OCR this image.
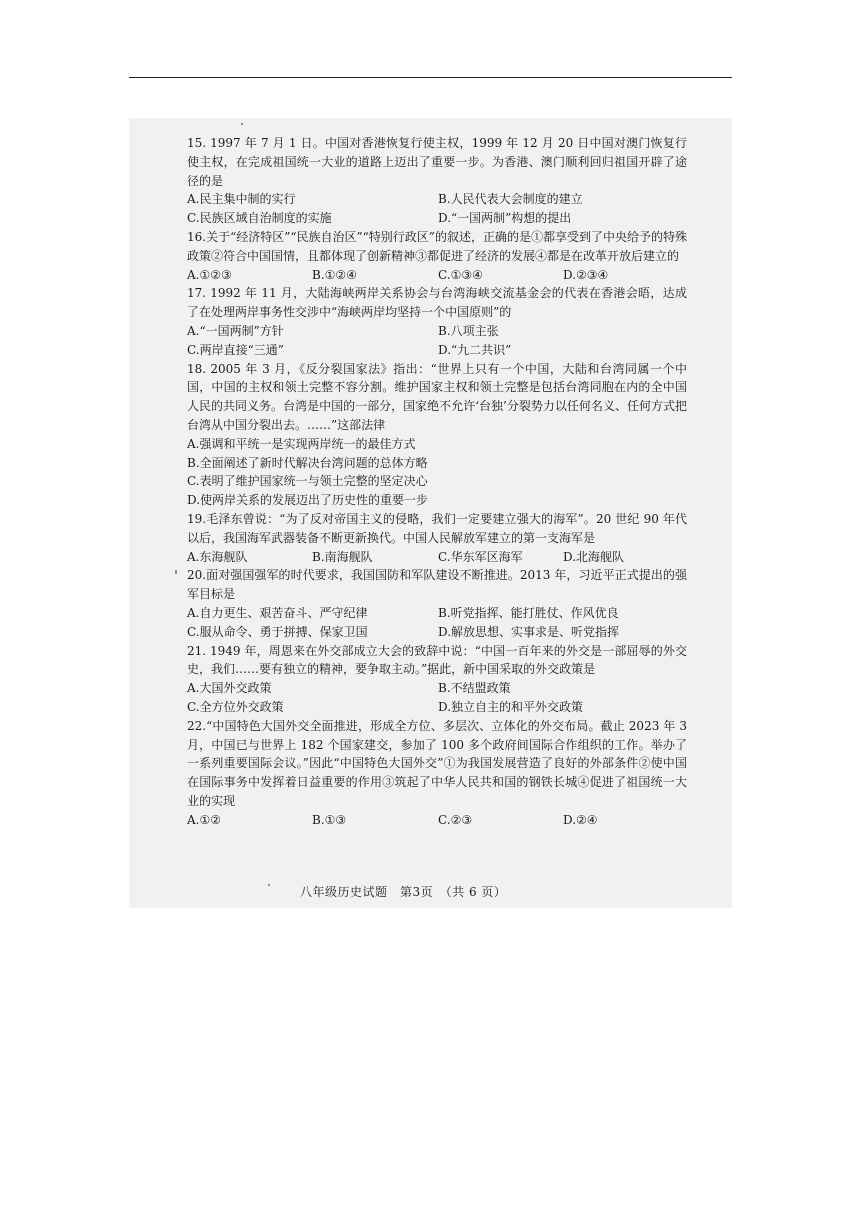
15. 1997 年 7 月 1 日。中国对香港恢复行使主权，1999 年 12 月 20 日中国对澳门恢复行使主权，在完成祖国统一大业的道路上迈出了重要一步。为香港、澳门顺利回归祖国开辟了途径的是

A.民主集中制的实行	B.人民代表大会制度的建立
C.民族区域自治制度的实施	D.“一国两制”构想的提出

16.关于“经济特区”“民族自治区”“特别行政区”的叙述，正确的是①都享受到了中央给予的特殊政策②符合中国国情，且都体现了创新精神③都促进了经济的发展④都是在改革开放后建立的

A.①②③	B.①②④	C.①③④	D.②③④

17. 1992 年 11 月，大陆海峡两岸关系协会与台湾海峡交流基金会的代表在香港会晤，达成了在处理两岸事务性交涉中“海峡两岸均坚持一个中国原则”的

A.“一国两制”方针	B.八项主张
C.两岸直接“三通”	D.“九二共识”

18. 2005 年 3 月，《反分裂国家法》指出：“世界上只有一个中国，大陆和台湾同属一个中国，中国的主权和领土完整不容分割。维护国家主权和领土完整是包括台湾同胞在内的全中国人民的共同义务。台湾是中国的一部分，国家绝不允许‘台独’分裂势力以任何名义、任何方式把台湾从中国分裂出去。……”这部法律

A.强调和平统一是实现两岸统一的最佳方式
B.全面阐述了新时代解决台湾问题的总体方略
C.表明了维护国家统一与领土完整的坚定决心
D.使两岸关系的发展迈出了历史性的重要一步

19.毛泽东曾说：“为了反对帝国主义的侵略，我们一定要建立强大的海军”。20 世纪 90 年代以后，我国海军武器装备不断更新换代。中国人民解放军建立的第一支海军是

A.东海舰队	B.南海舰队	C.华东军区海军	D.北海舰队

20.面对强国强军的时代要求，我国国防和军队建设不断推进。2013 年，习近平正式提出的强军目标是

A.自力更生、艰苦奋斗、严守纪律	B.听党指挥、能打胜仗、作风优良
C.服从命令、勇于拼搏、保家卫国	D.解放思想、实事求是、听党指挥

21. 1949 年，周恩来在外交部成立大会的致辞中说：“中国一百年来的外交是一部屈辱的外交史，我们……要有独立的精神，要争取主动。”据此，新中国采取的外交政策是

A.大国外交政策	B.不结盟政策
C.全方位外交政策	D.独立自主的和平外交政策

22.“中国特色大国外交全面推进，形成全方位、多层次、立体化的外交布局。截止 2023 年 3 月，中国已与世界上 182 个国家建交，参加了 100 多个政府间国际合作组织的工作。举办了一系列重要国际会议。”因此“中国特色大国外交”①为我国发展营造了良好的外部条件②使中国在国际事务中发挥着日益重要的作用③筑起了中华人民共和国的钢铁长城④促进了祖国统一大业的实现

A.①②	B.①③	C.②③	D.②④
八年级历史试题　第3页　（共 6 页）
